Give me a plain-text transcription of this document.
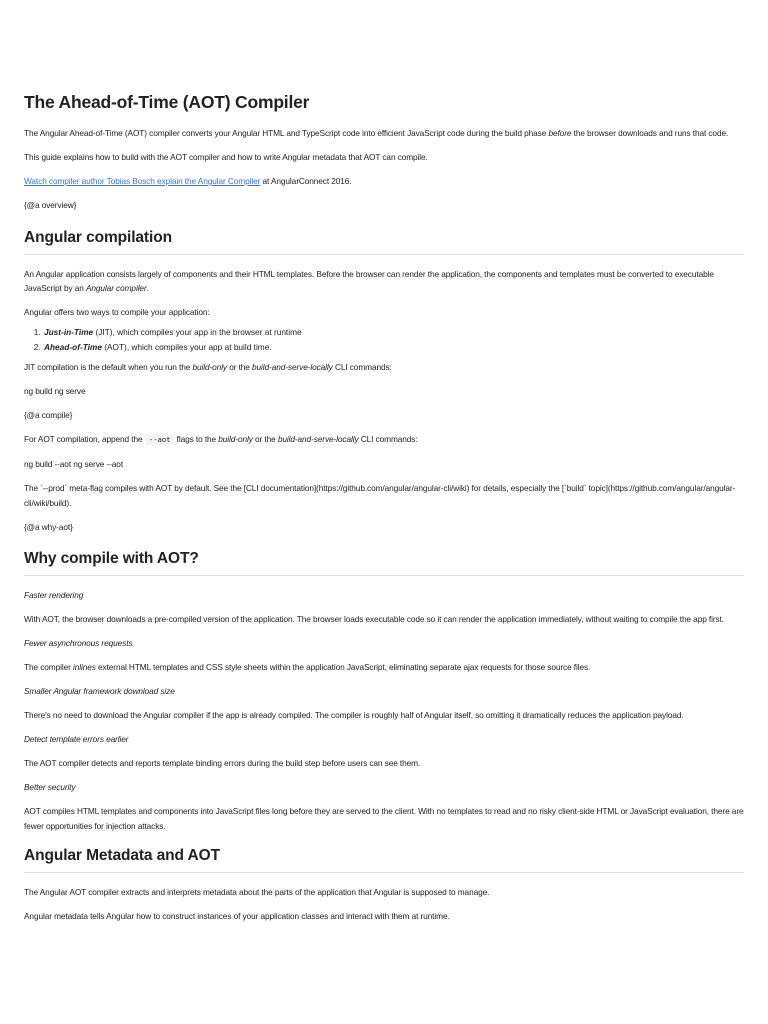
The Ahead-of-Time (AOT) Compiler

The Angular Ahead-of-Time (AOT) compiler converts your Angular HTML and TypeScript code into efficient JavaScript code during the build phase before the browser downloads and runs that code.

This guide explains how to build with the AOT compiler and how to write Angular metadata that AOT can compile.

Watch compiler author Tobias Bosch explain the Angular Compiler at AngularConnect 2016.

{@a overview}

Angular compilation

An Angular application consists largely of components and their HTML templates. Before the browser can render the application, the components and templates must be converted to executable JavaScript by an Angular compiler.

Angular offers two ways to compile your application:

1. Just-in-Time (JIT), which compiles your app in the browser at runtime
2. Ahead-of-Time (AOT), which compiles your app at build time.

JIT compilation is the default when you run the build-only or the build-and-serve-locally CLI commands:

ng build ng serve

{@a compile}

For AOT compilation, append the --aot flags to the build-only or the build-and-serve-locally CLI commands:

ng build --aot ng serve --aot

The `--prod` meta-flag compiles with AOT by default. See the [CLI documentation](https://github.com/angular/angular-cli/wiki) for details, especially the [`build` topic](https://github.com/angular/angular-cli/wiki/build).

{@a why-aot}

Why compile with AOT?

Faster rendering

With AOT, the browser downloads a pre-compiled version of the application. The browser loads executable code so it can render the application immediately, without waiting to compile the app first.

Fewer asynchronous requests

The compiler inlines external HTML templates and CSS style sheets within the application JavaScript, eliminating separate ajax requests for those source files.

Smaller Angular framework download size

There's no need to download the Angular compiler if the app is already compiled. The compiler is roughly half of Angular itself, so omitting it dramatically reduces the application payload.

Detect template errors earlier

The AOT compiler detects and reports template binding errors during the build step before users can see them.

Better security

AOT compiles HTML templates and components into JavaScript files long before they are served to the client. With no templates to read and no risky client-side HTML or JavaScript evaluation, there are fewer opportunities for injection attacks.

Angular Metadata and AOT

The Angular AOT compiler extracts and interprets metadata about the parts of the application that Angular is supposed to manage.

Angular metadata tells Angular how to construct instances of your application classes and interact with them at runtime.
